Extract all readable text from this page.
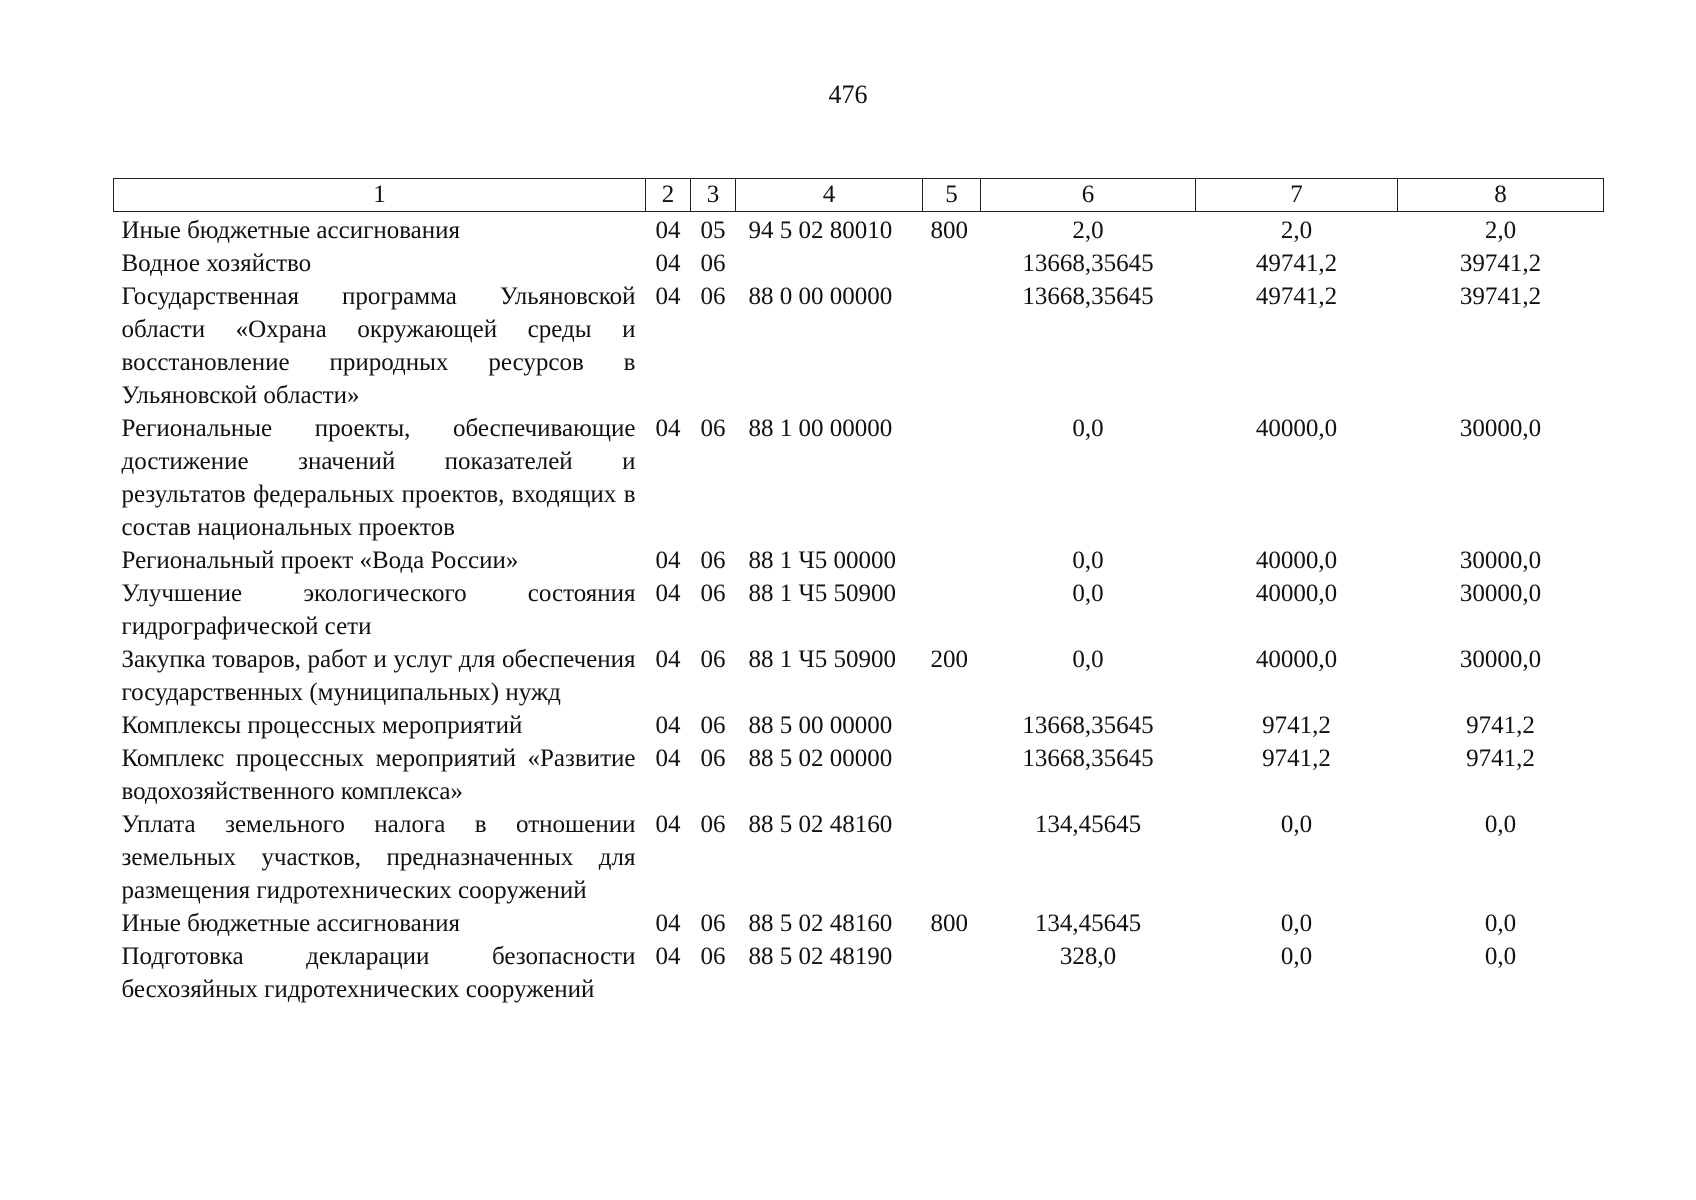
476
1	2	3	4	5	6	7	8
Иные бюджетные ассигнования	04	05	94 5 02 80010	800	2,0	2,0	2,0
Водное хозяйство	04	06			13668,35645	49741,2	39741,2
Государственная программа Ульяновской области «Охрана окружающей среды и восстановление природных ресурсов в Ульяновской области»	04	06	88 0 00 00000		13668,35645	49741,2	39741,2
Региональные проекты, обеспечивающие достижение значений показателей и результатов федеральных проектов, входящих в состав национальных проектов	04	06	88 1 00 00000		0,0	40000,0	30000,0
Региональный проект «Вода России»	04	06	88 1 Ч5 00000		0,0	40000,0	30000,0
Улучшение экологического состояния гидрографической сети	04	06	88 1 Ч5 50900		0,0	40000,0	30000,0
Закупка товаров, работ и услуг для обеспечения государственных (муниципальных) нужд	04	06	88 1 Ч5 50900	200	0,0	40000,0	30000,0
Комплексы процессных мероприятий	04	06	88 5 00 00000		13668,35645	9741,2	9741,2
Комплекс процессных мероприятий «Развитие водохозяйственного комплекса»	04	06	88 5 02 00000		13668,35645	9741,2	9741,2
Уплата земельного налога в отношении земельных участков, предназначенных для размещения гидротехнических сооружений	04	06	88 5 02 48160		134,45645	0,0	0,0
Иные бюджетные ассигнования	04	06	88 5 02 48160	800	134,45645	0,0	0,0
Подготовка декларации безопасности бесхозяйных гидротехнических сооружений	04	06	88 5 02 48190		328,0	0,0	0,0
